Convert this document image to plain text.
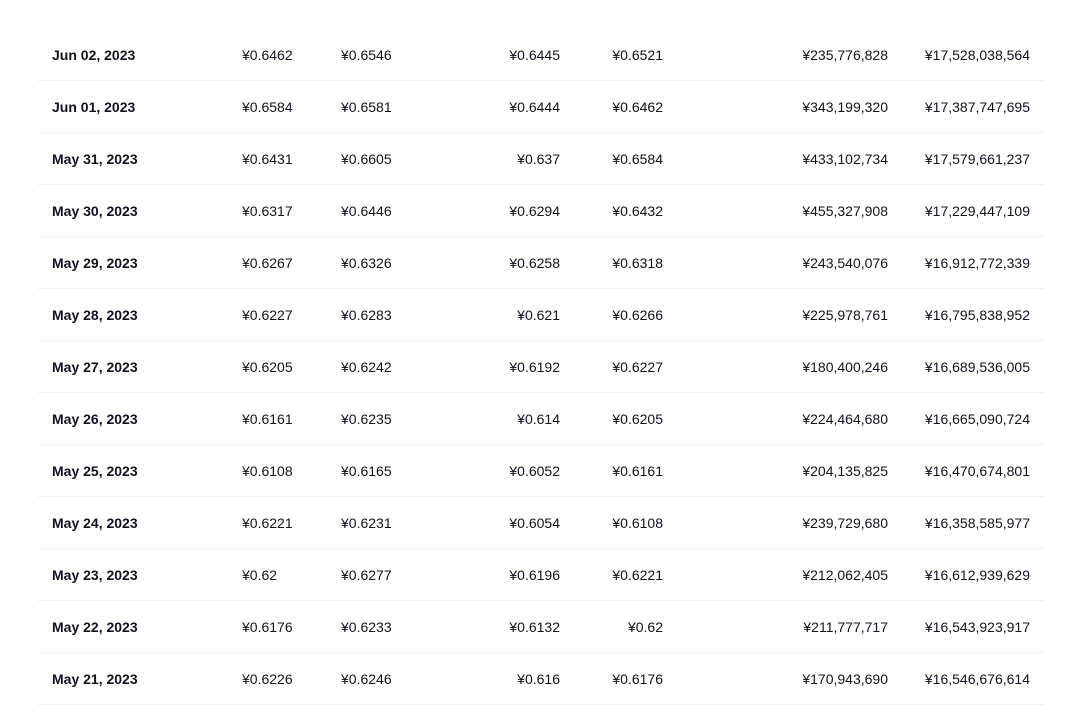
Jun 02, 2023	¥0.6462	¥0.6546	¥0.6445	¥0.6521	¥235,776,828	¥17,528,038,564
Jun 01, 2023	¥0.6584	¥0.6581	¥0.6444	¥0.6462	¥343,199,320	¥17,387,747,695
May 31, 2023	¥0.6431	¥0.6605	¥0.637	¥0.6584	¥433,102,734	¥17,579,661,237
May 30, 2023	¥0.6317	¥0.6446	¥0.6294	¥0.6432	¥455,327,908	¥17,229,447,109
May 29, 2023	¥0.6267	¥0.6326	¥0.6258	¥0.6318	¥243,540,076	¥16,912,772,339
May 28, 2023	¥0.6227	¥0.6283	¥0.621	¥0.6266	¥225,978,761	¥16,795,838,952
May 27, 2023	¥0.6205	¥0.6242	¥0.6192	¥0.6227	¥180,400,246	¥16,689,536,005
May 26, 2023	¥0.6161	¥0.6235	¥0.614	¥0.6205	¥224,464,680	¥16,665,090,724
May 25, 2023	¥0.6108	¥0.6165	¥0.6052	¥0.6161	¥204,135,825	¥16,470,674,801
May 24, 2023	¥0.6221	¥0.6231	¥0.6054	¥0.6108	¥239,729,680	¥16,358,585,977
May 23, 2023	¥0.62	¥0.6277	¥0.6196	¥0.6221	¥212,062,405	¥16,612,939,629
May 22, 2023	¥0.6176	¥0.6233	¥0.6132	¥0.62	¥211,777,717	¥16,543,923,917
May 21, 2023	¥0.6226	¥0.6246	¥0.616	¥0.6176	¥170,943,690	¥16,546,676,614
